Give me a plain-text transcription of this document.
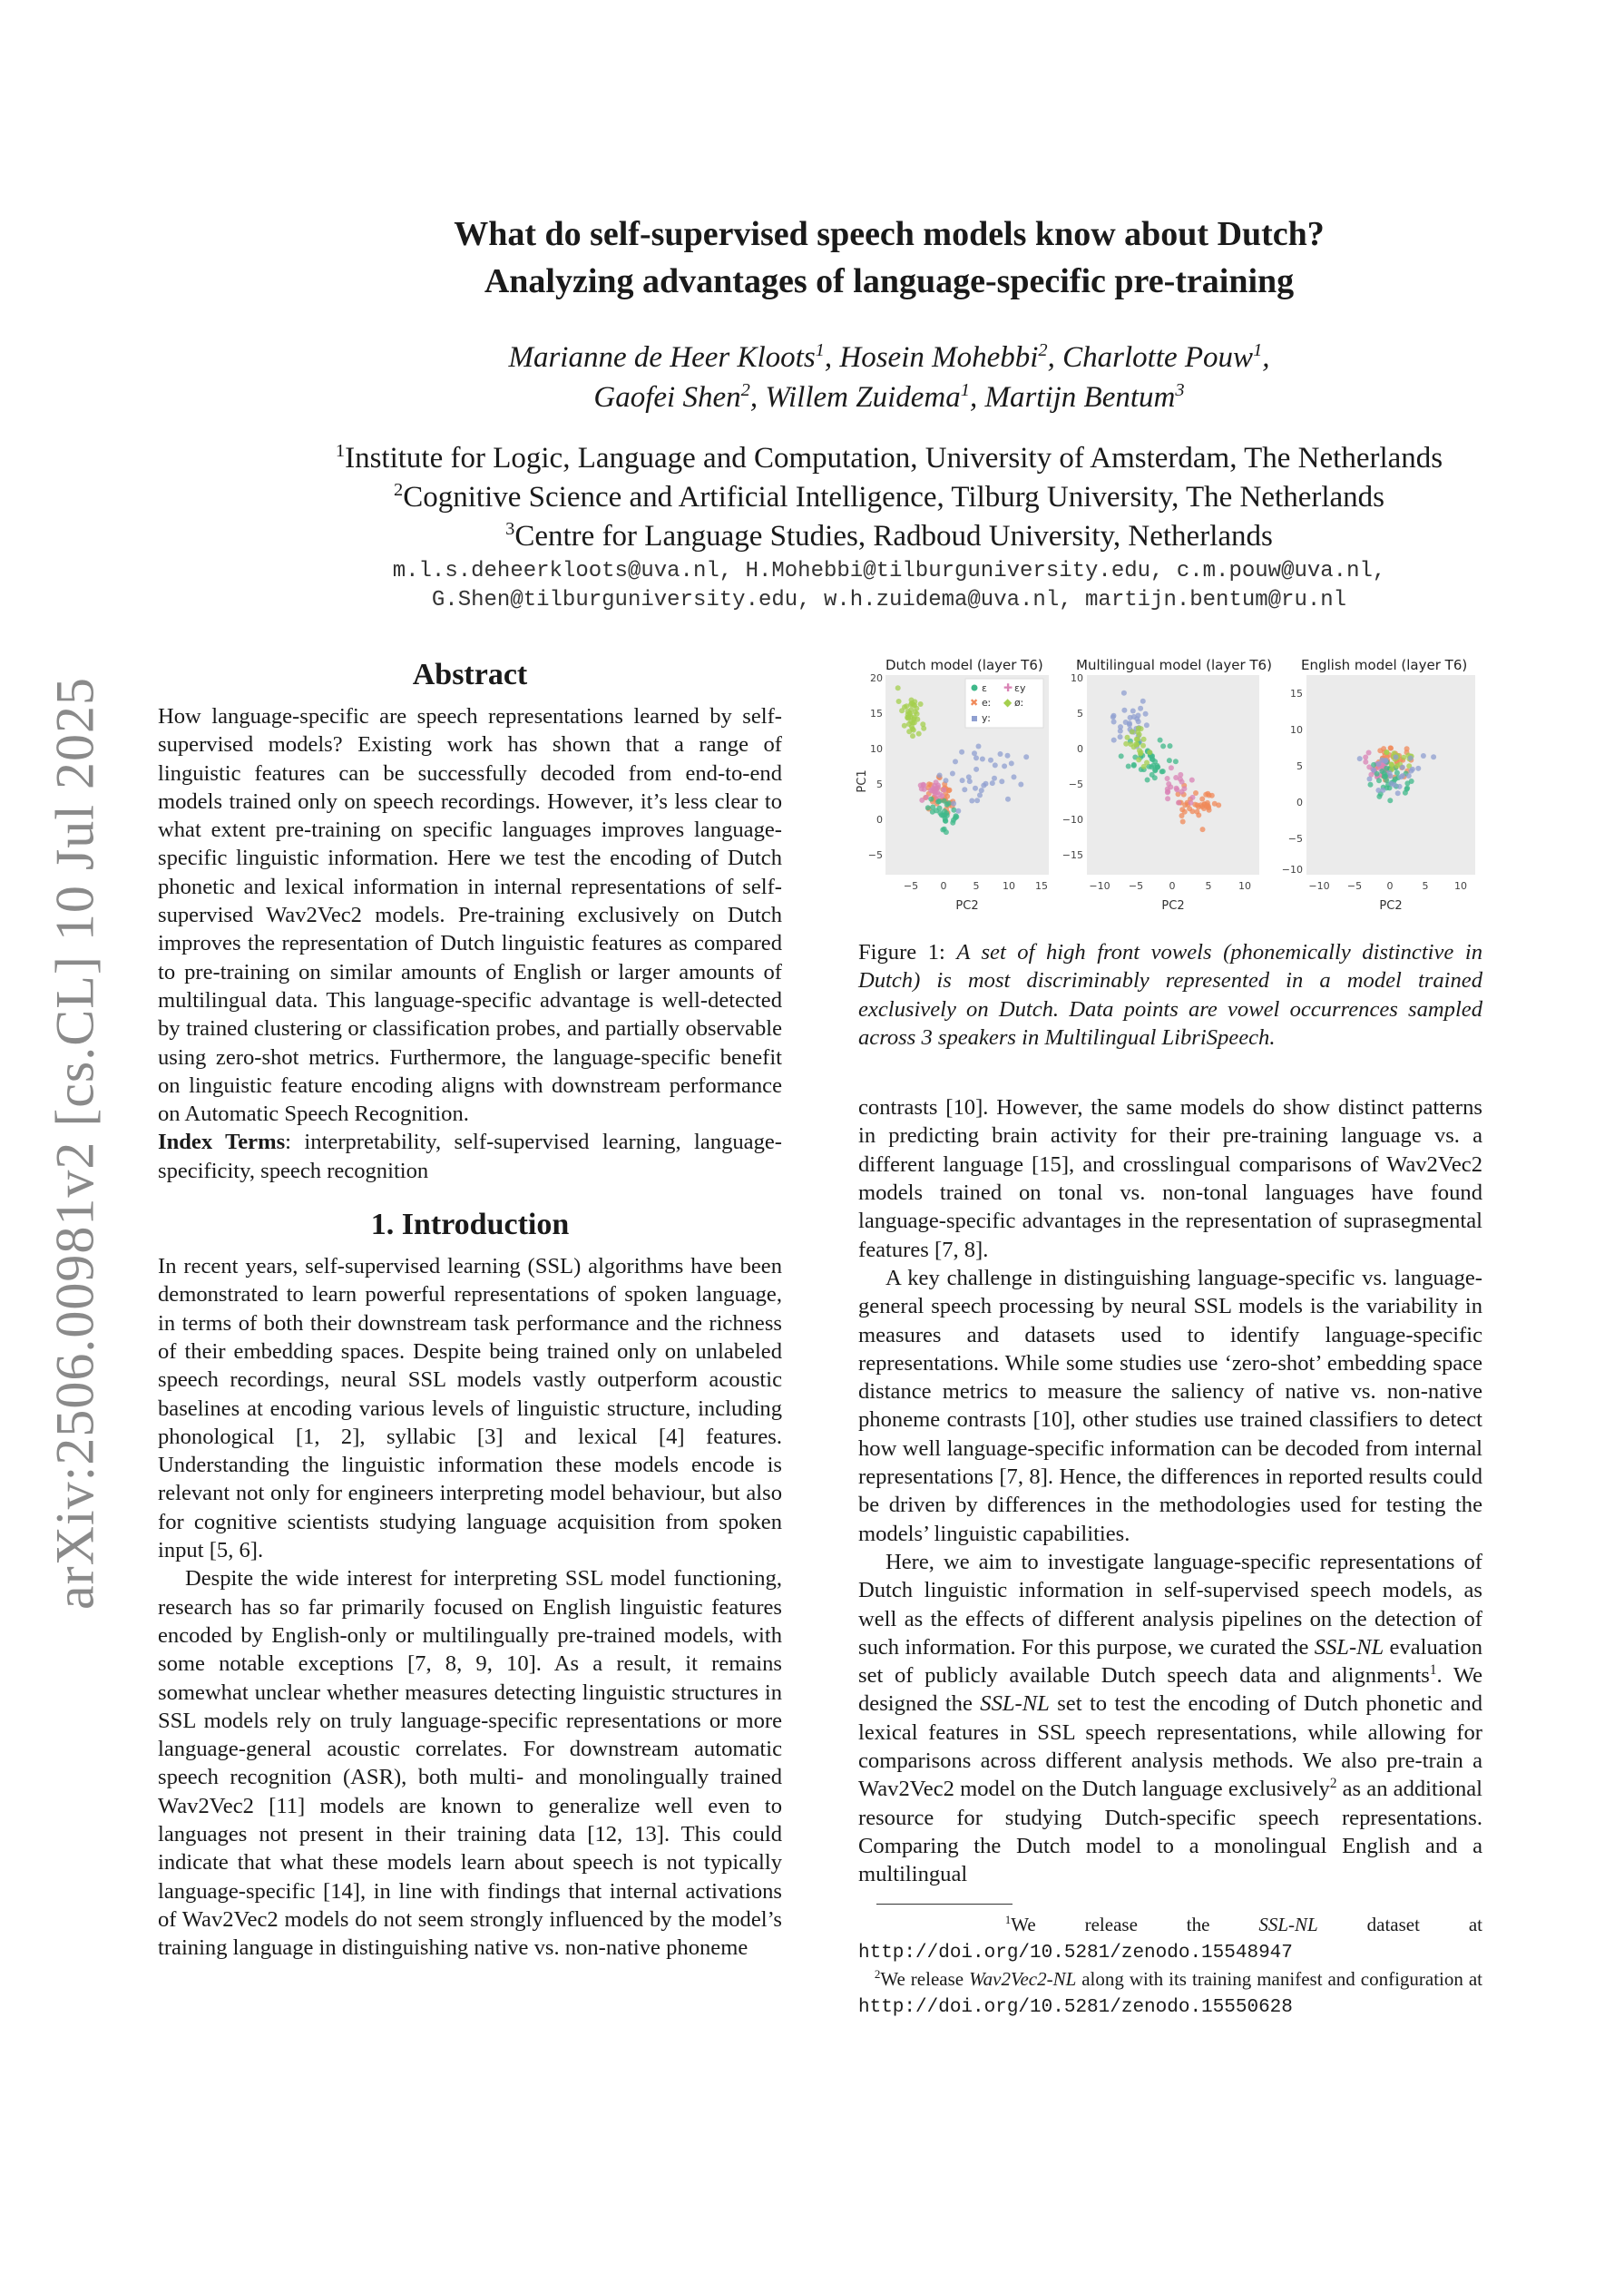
arXiv:2506.00981v2 [cs.CL] 10 Jul 2025
What do self-supervised speech models know about Dutch?
Analyzing advantages of language-specific pre-training
Marianne de Heer Kloots$^1$, Hosein Mohebbi$^2$, Charlotte Pouw$^1$,
Gaofei Shen$^2$, Willem Zuidema$^1$, Martijn Bentum$^3$
$^1$Institute for Logic, Language and Computation, University of Amsterdam, The Netherlands
$^2$Cognitive Science and Artificial Intelligence, Tilburg University, The Netherlands
$^3$Centre for Language Studies, Radboud University, Netherlands
m.l.s.deheerkloots@uva.nl, H.Mohebbi@tilburguniversity.edu, c.m.pouw@uva.nl,
G.Shen@tilburguniversity.edu, w.h.zuidema@uva.nl, martijn.bentum@ru.nl
Abstract

How language-specific are speech representations learned by self-supervised models? Existing work has shown that a range of linguistic features can be successfully decoded from end-to-end models trained only on speech recordings. However, it’s less clear to what extent pre-training on specific languages improves language-specific linguistic information. Here we test the encoding of Dutch phonetic and lexical information in internal representations of self-supervised Wav2Vec2 models. Pre-training exclusively on Dutch improves the representation of Dutch linguistic features as compared to pre-training on similar amounts of English or larger amounts of multilingual data. This language-specific advantage is well-detected by trained clustering or classification probes, and partially observable using zero-shot metrics. Furthermore, the language-specific benefit on linguistic feature encoding aligns with downstream performance on Automatic Speech Recognition.

Index Terms: interpretability, self-supervised learning, language-specificity, speech recognition

1. Introduction

In recent years, self-supervised learning (SSL) algorithms have been demonstrated to learn powerful representations of spoken language, in terms of both their downstream task performance and the richness of their embedding spaces. Despite being trained only on unlabeled speech recordings, neural SSL models vastly outperform acoustic baselines at encoding various levels of linguistic structure, including phonological [1, 2], syllabic [3] and lexical [4] features. Understanding the linguistic information these models encode is relevant not only for engineers interpreting model behaviour, but also for cognitive scientists studying language acquisition from spoken input [5, 6].

Despite the wide interest for interpreting SSL model functioning, research has so far primarily focused on English linguistic features encoded by English-only or multilingually pre-trained models, with some notable exceptions [7, 8, 9, 10]. As a result, it remains somewhat unclear whether measures detecting linguistic structures in SSL models rely on truly language-specific representations or more language-general acoustic correlates. For downstream automatic speech recognition (ASR), both multi- and monolingually trained Wav2Vec2 [11] models are known to generalize well even to languages not present in their training data [12, 13]. This could indicate that what these models learn about speech is not typically language-specific [14], in line with findings that internal activations of Wav2Vec2 models do not seem strongly influenced by the model’s training language in distinguishing native vs. non-native phoneme

Dutch model (layer T6)
PC1
PC2
20
15
10
5
0
−5
−5 0	5 10 15
ɛ ✚ ɛy
✖ eː ◆ øː
yː
Multilingual model (layer T6)
PC2
10
5
0
−5
−10
−15
−10 −5	0	5	10
English model (layer T6)
PC2
15
10
5
0
−5
−10
−10 −5 0	5	10
Figure 1: A set of high front vowels (phonemically distinctive in Dutch) is most discriminably represented in a model trained exclusively on Dutch. Data points are vowel occurrences sampled across 3 speakers in Multilingual LibriSpeech.

contrasts [10]. However, the same models do show distinct patterns in predicting brain activity for their pre-training language vs. a different language [15], and crosslingual comparisons of Wav2Vec2 models trained on tonal vs. non-tonal languages have found language-specific advantages in the representation of suprasegmental features [7, 8].

A key challenge in distinguishing language-specific vs. language-general speech processing by neural SSL models is the variability in measures and datasets used to identify language-specific representations. While some studies use ‘zero-shot’ embedding space distance metrics to measure the saliency of native vs. non-native phoneme contrasts [10], other studies use trained classifiers to detect how well language-specific information can be decoded from internal representations [7, 8]. Hence, the differences in reported results could be driven by differences in the methodologies used for testing the models’ linguistic capabilities.

Here, we aim to investigate language-specific representations of Dutch linguistic information in self-supervised speech models, as well as the effects of different analysis pipelines on the detection of such information. For this purpose, we curated the SSL-NL evaluation set of publicly available Dutch speech data and alignments$^1$. We designed the SSL-NL set to test the encoding of Dutch phonetic and lexical features in SSL speech representations, while allowing for comparisons across different analysis methods. We also pre-train a Wav2Vec2 model on the Dutch language exclusively$^2$ as an additional resource for studying Dutch-specific speech representations. Comparing the Dutch model to a monolingual English and a multilingual

$^1$We release the SSL-NL dataset at http://doi.org/10.5281/zenodo.15548947

$^2$We release Wav2Vec2-NL along with its training manifest and configuration at http://doi.org/10.5281/zenodo.15550628
